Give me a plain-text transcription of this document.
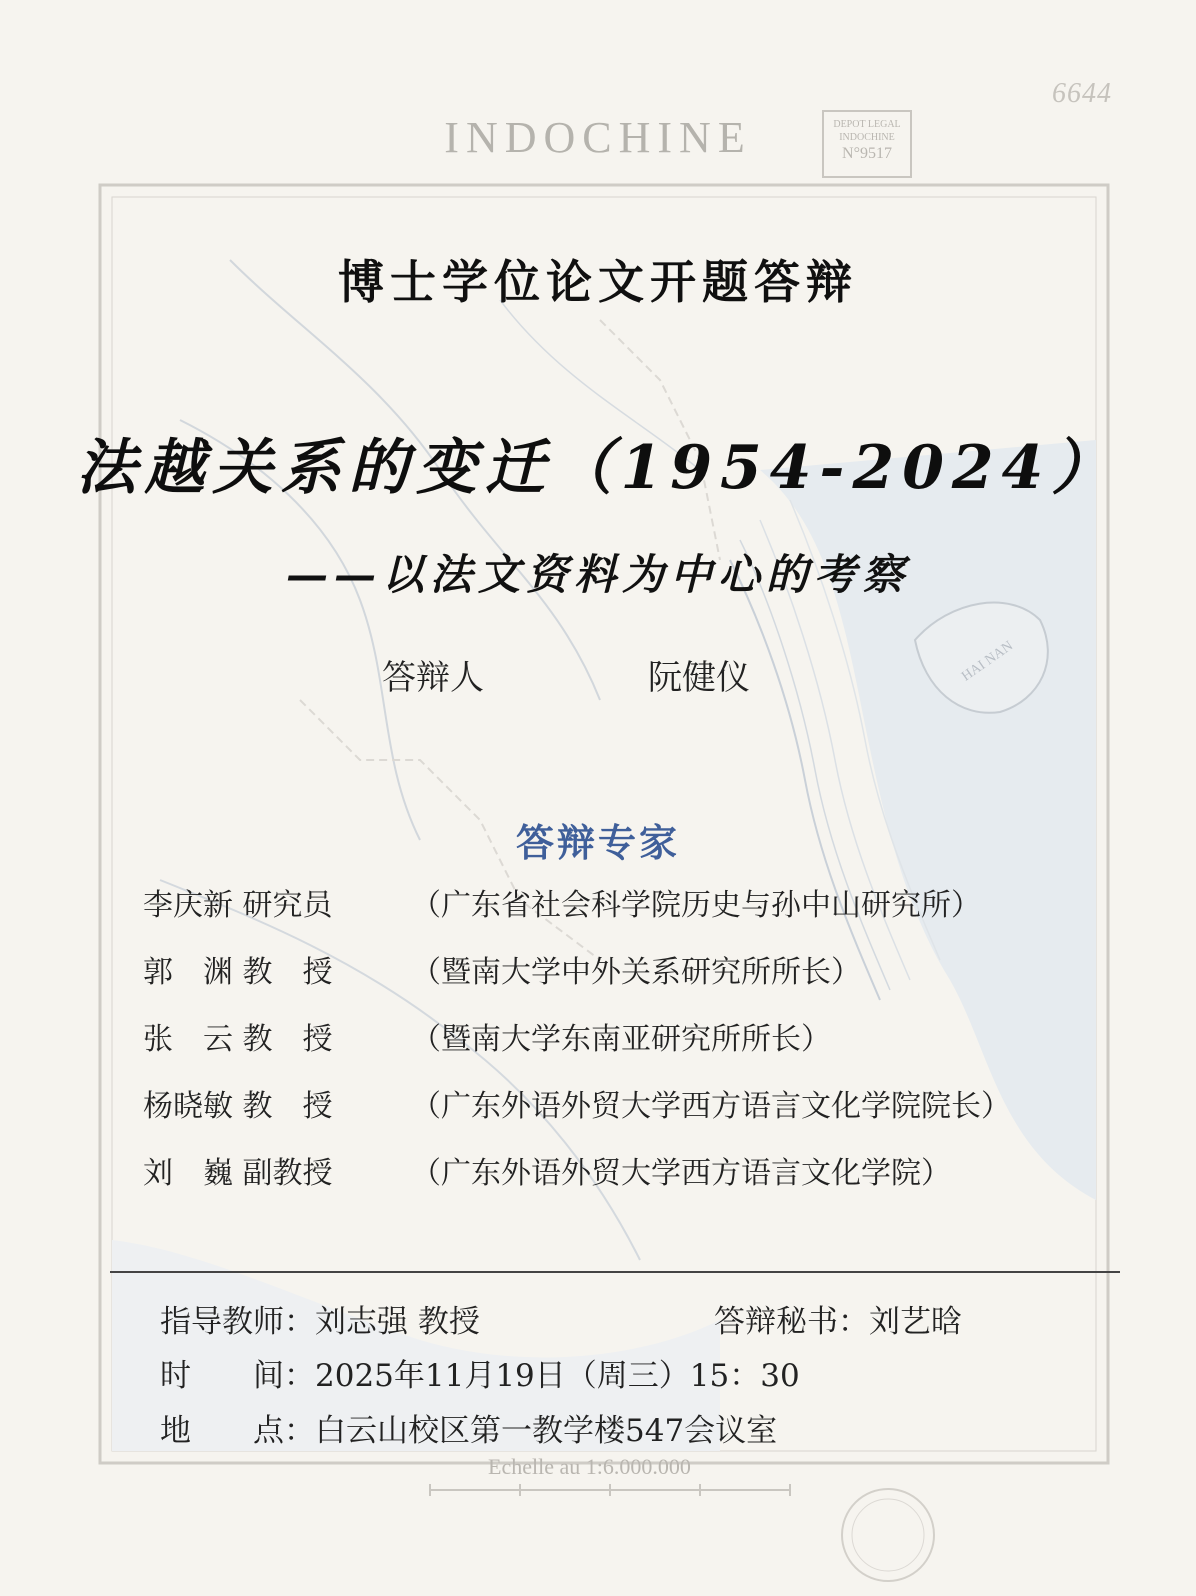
HAI NAN
Echelle au 1:6.000.000
INDOCHINE	DEPOT LEGAL
INDOCHINE
N°9517
6644
博士学位论文开题答辩
法越关系的变迁（1954-2024）
——以法文资料为中心的考察
答辩人	阮健仪
答辩专家
李庆新 研究员	（广东省社会科学院历史与孙中山研究所）
郭　渊 教　授	（暨南大学中外关系研究所所长）
张　云 教　授	（暨南大学东南亚研究所所长）
杨晓敏 教　授	（广东外语外贸大学西方语言文化学院院长）
刘　巍 副教授	（广东外语外贸大学西方语言文化学院）
指导教师：刘志强 教授	答辩秘书：刘艺晗
时　　间：2025年11月19日（周三）15：30
地　　点：白云山校区第一教学楼547会议室
